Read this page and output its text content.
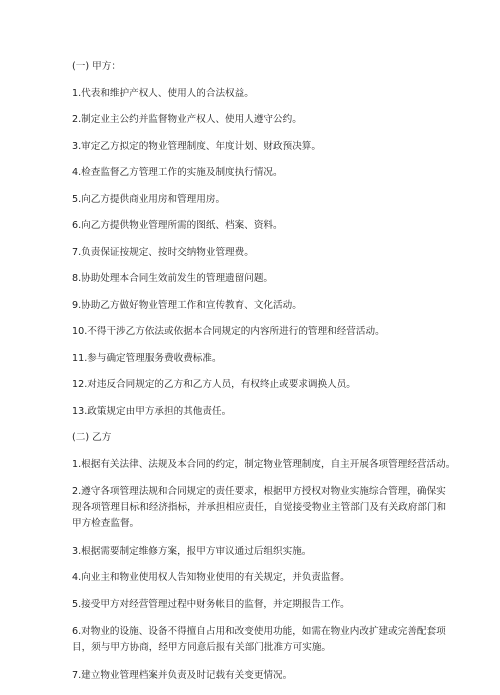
(一) 甲方：
1.代表和维护产权人、使用人的合法权益。
2.制定业主公约并监督物业产权人、使用人遵守公约。
3.审定乙方拟定的物业管理制度、年度计划、财政预决算。
4.检查监督乙方管理工作的实施及制度执行情况。
5.向乙方提供商业用房和管理用房。
6.向乙方提供物业管理所需的图纸、档案、资料。
7.负责保证按规定、按时交纳物业管理费。
8.协助处理本合同生效前发生的管理遗留问题。
9.协助乙方做好物业管理工作和宣传教育、文化活动。
10.不得干涉乙方依法或依据本合同规定的内容所进行的管理和经营活动。
11.参与确定管理服务费收费标准。
12.对违反合同规定的乙方和乙方人员，有权终止或要求调换人员。
13.政策规定由甲方承担的其他责任。
(二) 乙方
1.根据有关法律、法规及本合同的约定，制定物业管理制度，自主开展各项管理经营活动。
2.遵守各项管理法规和合同规定的责任要求，根据甲方授权对物业实施综合管理，确保实
现各项管理目标和经济指标，并承担相应责任，自觉接受物业主管部门及有关政府部门和
甲方检查监督。
3.根据需要制定维修方案，报甲方审议通过后组织实施。
4.向业主和物业使用权人告知物业使用的有关规定，并负责监督。
5.接受甲方对经营管理过程中财务帐目的监督，并定期报告工作。
6.对物业的设施、设备不得擅自占用和改变使用功能，如需在物业内改扩建或完善配套项
目，须与甲方协商，经甲方同意后报有关部门批准方可实施。
7.建立物业管理档案并负责及时记载有关变更情况。
